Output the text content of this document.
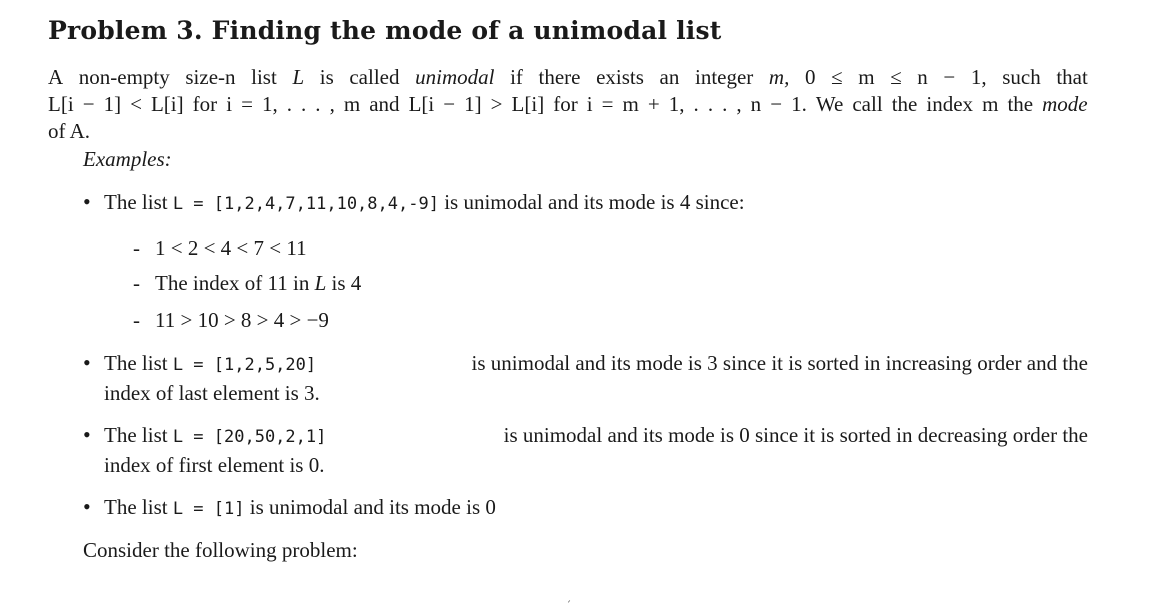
Problem 3. Finding the mode of a unimodal list
A non-empty size-n list L is called unimodal if there exists an integer m, 0 ≤ m ≤ n − 1, such that
L[i − 1] < L[i] for i = 1, . . . , m and L[i − 1] > L[i] for i = m + 1, . . . , n − 1. We call the index m the mode
of A.
Examples:
• The list L = [1,2,4,7,11,10,8,4,-9] is unimodal and its mode is 4 since:
- 1 < 2 < 4 < 7 < 11
- The index of 11 in L is 4
- 11 > 10 > 8 > 4 > −9
• The list L = [1,2,5,20]	is unimodal and its mode is 3 since it is sorted in increasing order and the
index of last element is 3.
• The list L = [20,50,2,1]	is unimodal and its mode is 0 since it is sorted in decreasing order the
index of first element is 0.
• The list L = [1] is unimodal and its mode is 0
Consider the following problem:
ˊ
